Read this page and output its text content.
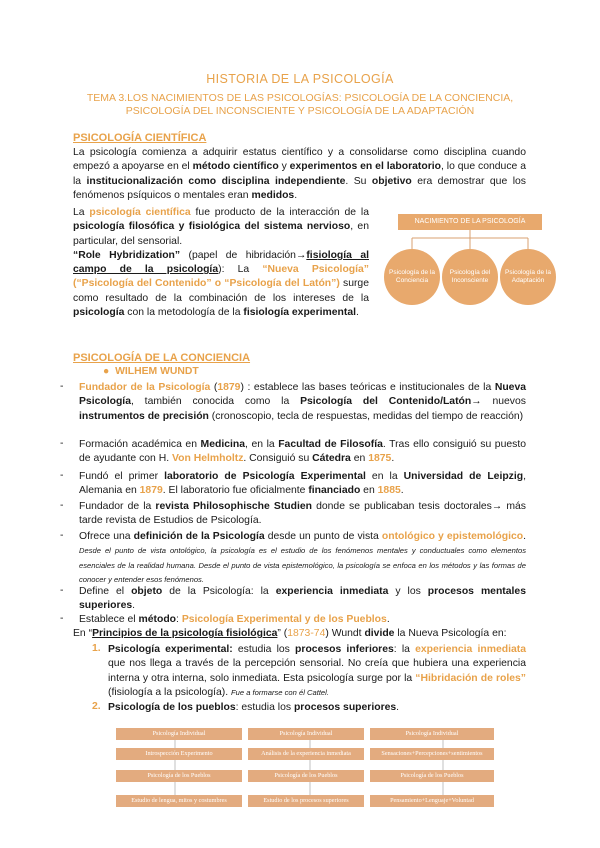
HISTORIA DE LA PSICOLOGÍA
TEMA 3.LOS NACIMIENTOS DE LAS PSICOLOGÍAS: PSICOLOGÍA DE LA CONCIENCIA, PSICOLOGÍA DEL INCONSCIENTE Y PSICOLOGÍA DE LA ADAPTACIÓN
PSICOLOGÍA CIENTÍFICA
La psicología comienza a adquirir estatus científico y a consolidarse como disciplina cuando empezó a apoyarse en el método científico y experimentos en el laboratorio, lo que conduce a la institucionalización como disciplina independiente. Su objetivo era demostrar que los fenómenos psíquicos o mentales eran medidos.
La psicología científica fue producto de la interacción de la psicología filosófica y fisiológica del sistema nervioso, en particular, del sensorial.
“Role Hybridization” (papel de hibridación→fisiología al campo de la psicología): La “Nueva Psicología” (“Psicología del Contenido” o “Psicología del Latón”) surge como resultado de la combinación de los intereses de la psicología con la metodología de la fisiología experimental.
NACIMIENTO DE LA PSICOLOGÍA
Psicología de la Conciencia
Psicología del Inconsciente
Psicología de la Adaptación
PSICOLOGÍA DE LA CONCIENCIA
●  WILHEM WUNDT
- Fundador de la Psicología (1879) : establece las bases teóricas e institucionales de la Nueva Psicología, también conocida como la Psicología del Contenido/Latón→ nuevos instrumentos de precisión (cronoscopio, tecla de respuestas, medidas del tiempo de reacción)
- Formación académica en Medicina, en la Facultad de Filosofía. Tras ello consiguió su puesto de ayudante con H. Von Helmholtz. Consiguió su Cátedra en 1875.
- Fundó el primer laboratorio de Psicología Experimental en la Universidad de Leipzig, Alemania en 1879. El laboratorio fue oficialmente financiado en 1885.
- Fundador de la revista Philosophische Studien donde se publicaban tesis doctorales→ más tarde revista de Estudios de Psicología.
- Ofrece una definición de la Psicología desde un punto de vista ontológico y epistemológico. Desde el punto de vista ontológico, la psicología es el estudio de los fenómenos mentales y conductuales como elementos esenciales de la realidad humana. Desde el punto de vista epistemológico, la psicología se enfoca en los métodos y las formas de conocer y entender esos fenómenos.
- Define el objeto de la Psicología: la experiencia inmediata y los procesos mentales superiores.
- Establece el método: Psicología Experimental y de los Pueblos.
En “Principios de la psicología fisiológica” (1873-74) Wundt divide la Nueva Psicología en:
1. Psicología experimental: estudia los procesos inferiores: la experiencia inmediata que nos llega a través de la percepción sensorial. No creía que hubiera una experiencia interna y otra interna, solo inmediata. Esta psicología surge por la “Hibridación de roles” (fisiología a la psicología). Fue a formarse con él Cattel.
2. Psicología de los pueblos: estudia los procesos superiores.
Psicología Individual
Introspección Experimento
Psicología de los Pueblos
Estudio de lengua, mitos y costumbres
Psicología Individual
Análisis de la experiencia inmediata
Psicología de los Pueblos
Estudio de los procesos superiores
Psicología Individual
Sensaciones+Percepciones+sentimientos
Psicología de los Pueblos
Pensamiento+Lenguaje+Voluntad
